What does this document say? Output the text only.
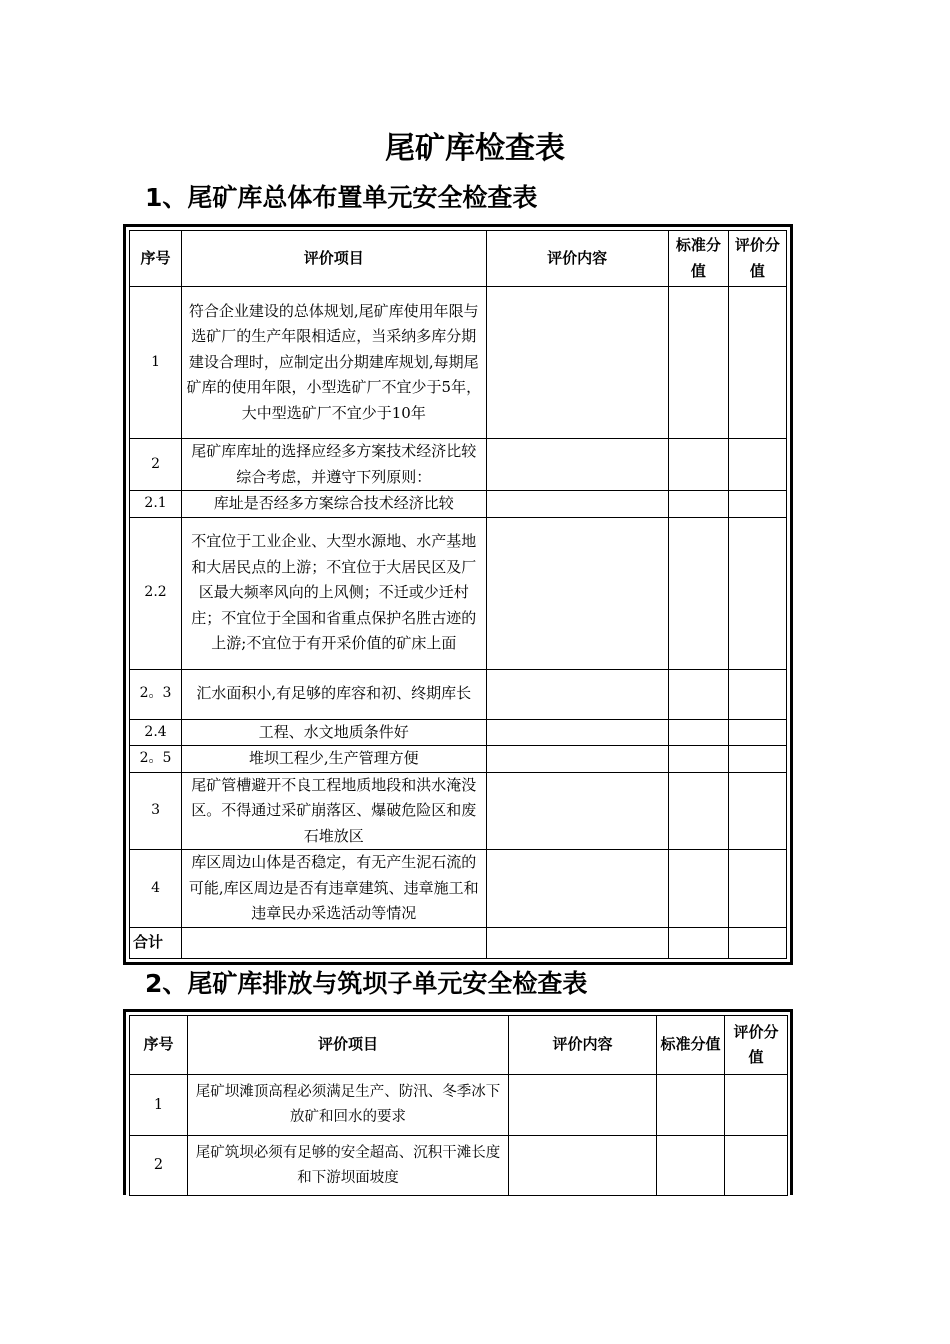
尾矿库检查表
1、尾矿库总体布置单元安全检查表
序号	评价项目	评价内容	标准分值	评价分值
1	符合企业建设的总体规划,尾矿库使用年限与选矿厂的生产年限相适应，当采纳多库分期建设合理时，应制定出分期建库规划,每期尾矿库的使用年限，小型选矿厂不宜少于5年，大中型选矿厂不宜少于10年			
2	尾矿库库址的选择应经多方案技术经济比较综合考虑，并遵守下列原则：			
2.1	库址是否经多方案综合技术经济比较			
2.2	不宜位于工业企业、大型水源地、水产基地和大居民点的上游；不宜位于大居民区及厂区最大频率风向的上风侧；不迁或少迁村庄；不宜位于全国和省重点保护名胜古迹的上游;不宜位于有开采价值的矿床上面			
2。3	汇水面积小,有足够的库容和初、终期库长			
2.4	工程、水文地质条件好			
2。5	堆坝工程少,生产管理方便			
3	尾矿管槽避开不良工程地质地段和洪水淹没区。不得通过采矿崩落区、爆破危险区和废石堆放区			
4	库区周边山体是否稳定，有无产生泥石流的可能,库区周边是否有违章建筑、违章施工和违章民办采选活动等情况			
合计				
2、尾矿库排放与筑坝子单元安全检查表
序号	评价项目	评价内容	标准分值	评价分值
1	尾矿坝滩顶高程必须满足生产、防汛、冬季冰下放矿和回水的要求			
2	尾矿筑坝必须有足够的安全超高、沉积干滩长度和下游坝面坡度			
